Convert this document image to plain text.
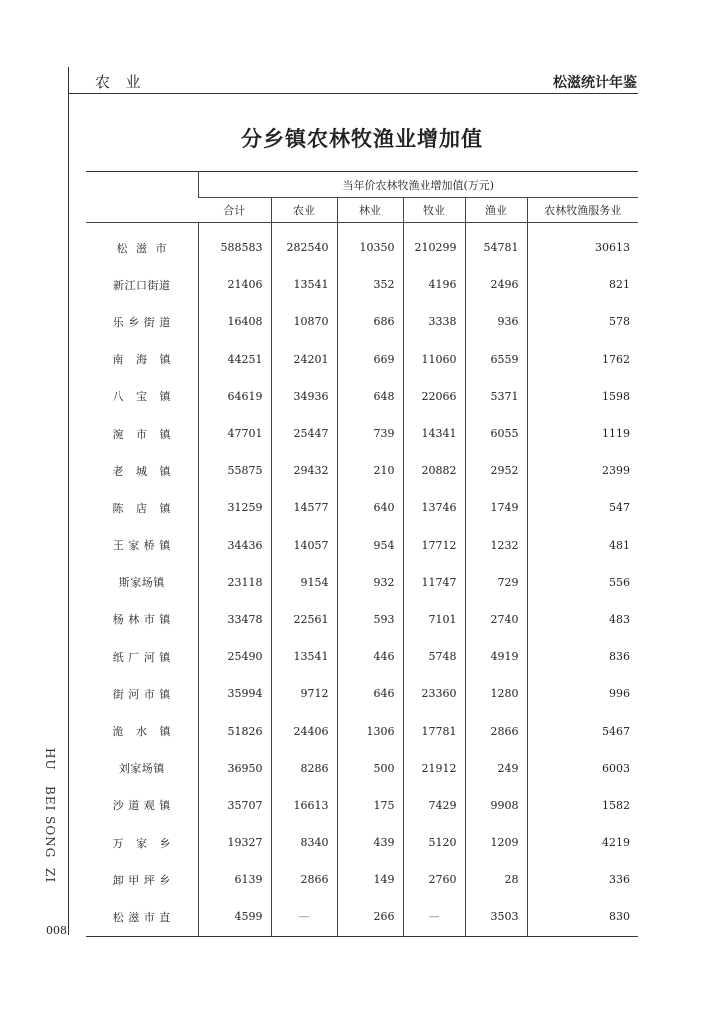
农  业	松滋统计年鉴
分乡镇农林牧渔业增加值
HU
BEI SONG
ZI
008
	当年价农林牧渔业增加值(万元)					
	合计	农业	林业	牧业	渔业	农林牧渔服务业
松  滋  市	588583	282540	10350	210299	54781	30613
新江口街道	21406	13541	352	4196	2496	821
乐 乡 街 道	16408	10870	686	3338	936	578
南   海   镇	44251	24201	669	11060	6559	1762
八   宝   镇	64619	34936	648	22066	5371	1598
涴   市   镇	47701	25447	739	14341	6055	1119
老   城   镇	55875	29432	210	20882	2952	2399
陈   店   镇	31259	14577	640	13746	1749	547
王 家 桥 镇	34436	14057	954	17712	1232	481
斯家场镇	23118	9154	932	11747	729	556
杨 林 市 镇	33478	22561	593	7101	2740	483
纸 厂 河 镇	25490	13541	446	5748	4919	836
街 河 市 镇	35994	9712	646	23360	1280	996
洈   水   镇	51826	24406	1306	17781	2866	5467
刘家场镇	36950	8286	500	21912	249	6003
沙 道 观 镇	35707	16613	175	7429	9908	1582
万   家   乡	19327	8340	439	5120	1209	4219
卸 甲 坪 乡	6139	2866	149	2760	28	336
松 滋 市 直	4599	—	266	—	3503	830
